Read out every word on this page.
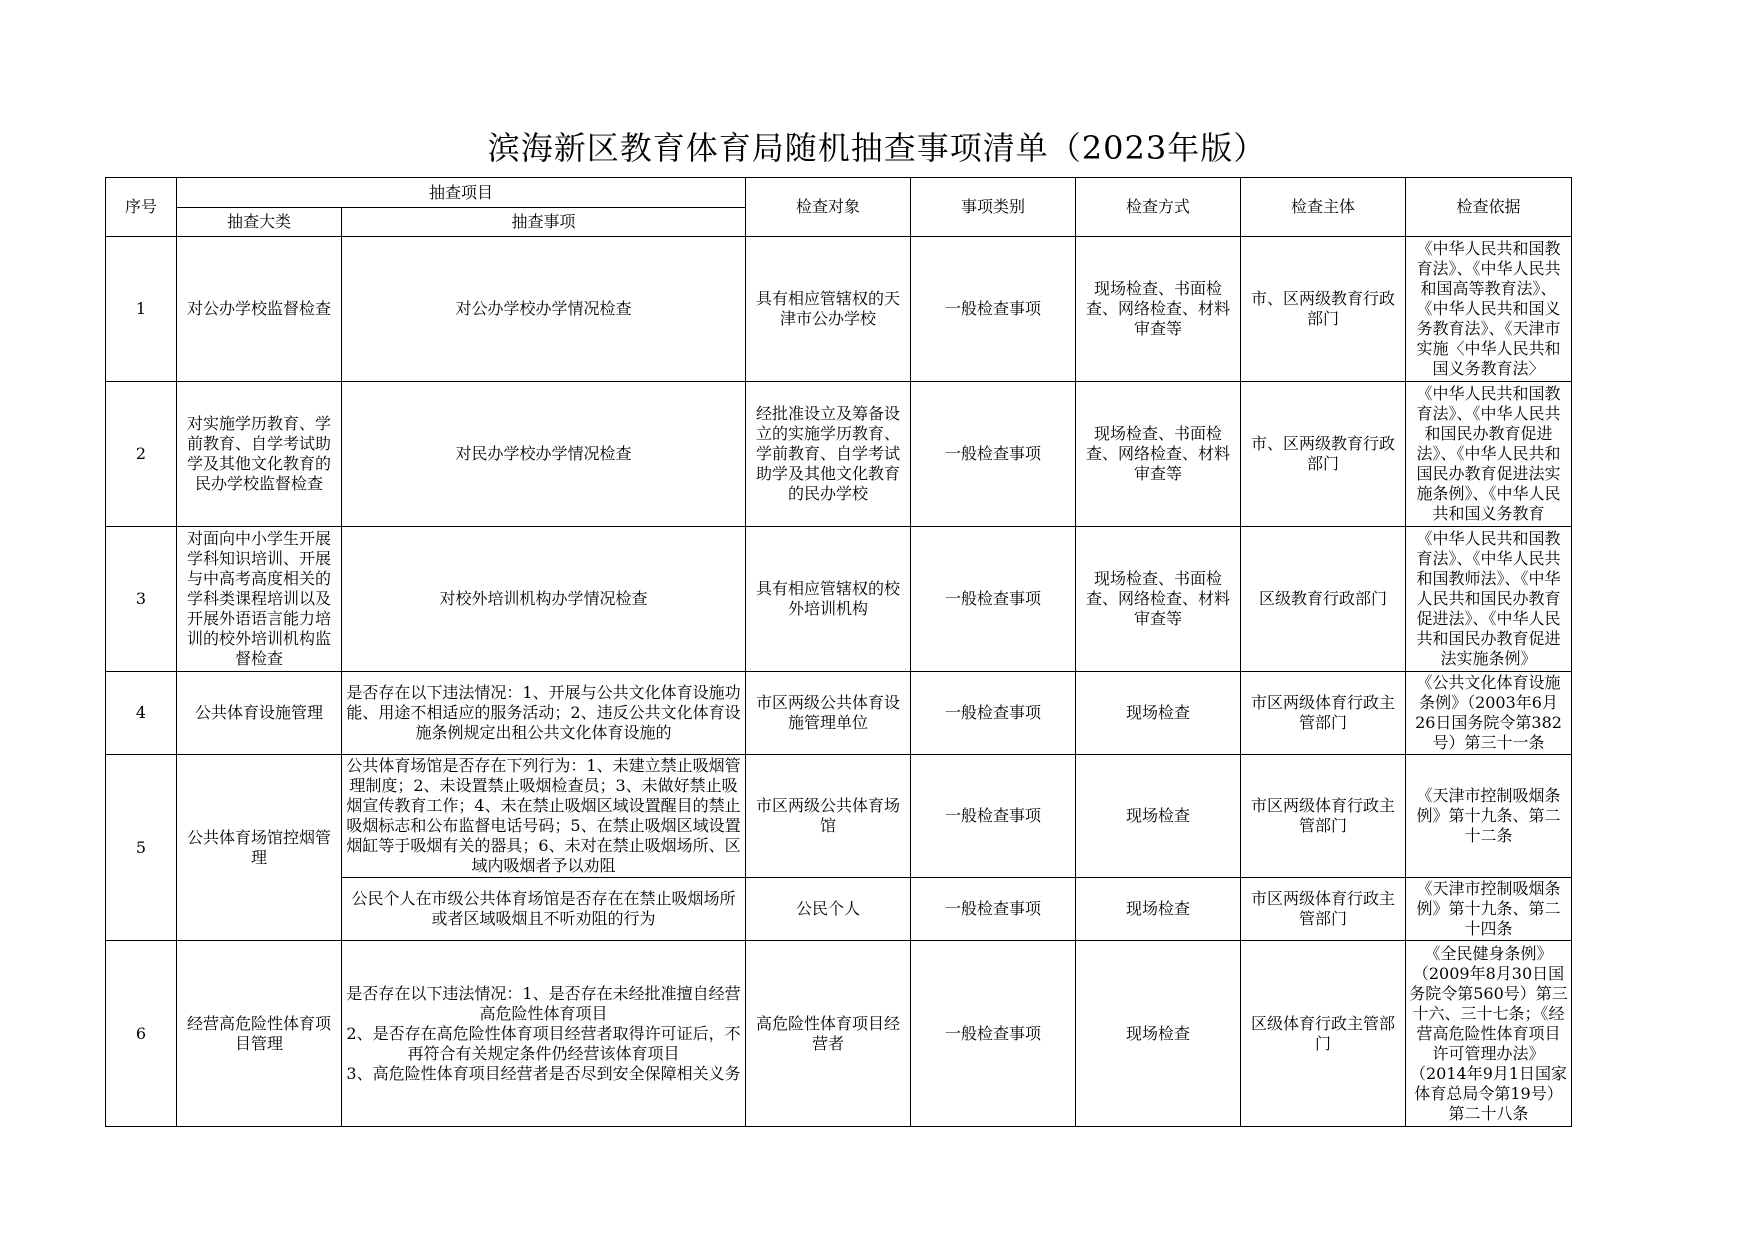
滨海新区教育体育局随机抽查事项清单（2023年版）
序号	抽查项目		检查对象	事项类别	检查方式	检查主体	检查依据
	抽查大类	抽查事项					
1	对公办学校监督检查	对公办学校办学情况检查	具有相应管辖权的天津市公办学校	一般检查事项	现场检查、书面检查、网络检查、材料审查等	市、区两级教育行政部门	《中华人民共和国教育法》、《中华人民共和国高等教育法》、《中华人民共和国义务教育法》、《天津市实施〈中华人民共和国义务教育法〉

2	对实施学历教育、学前教育、自学考试助学及其他文化教育的民办学校监督检查	对民办学校办学情况检查	经批准设立及筹备设立的实施学历教育、学前教育、自学考试助学及其他文化教育的民办学校	一般检查事项	现场检查、书面检查、网络检查、材料审查等	市、区两级教育行政部门	《中华人民共和国教育法》、《中华人民共和国民办教育促进法》、《中华人民共和国民办教育促进法实施条例》、《中华人民共和国义务教育

3	对面向中小学生开展学科知识培训、开展与中高考高度相关的学科类课程培训以及开展外语语言能力培训的校外培训机构监督检查	对校外培训机构办学情况检查	具有相应管辖权的校外培训机构	一般检查事项	现场检查、书面检查、网络检查、材料审查等	区级教育行政部门	《中华人民共和国教育法》、《中华人民共和国教师法》、《中华人民共和国民办教育促进法》、《中华人民共和国民办教育促进法实施条例》

4	公共体育设施管理	是否存在以下违法情况：1、开展与公共文化体育设施功能、用途不相适应的服务活动；2、违反公共文化体育设施条例规定出租公共文化体育设施的	市区两级公共体育设施管理单位	一般检查事项	现场检查	市区两级体育行政主管部门	《公共文化体育设施条例》（2003年6月26日国务院令第382号）第三十一条

5	公共体育场馆控烟管理	公共体育场馆是否存在下列行为：1、未建立禁止吸烟管理制度；2、未设置禁止吸烟检查员；3、未做好禁止吸烟宣传教育工作；4、未在禁止吸烟区域设置醒目的禁止吸烟标志和公布监督电话号码；5、在禁止吸烟区域设置烟缸等于吸烟有关的器具；6、未对在禁止吸烟场所、区域内吸烟者予以劝阻	市区两级公共体育场馆	一般检查事项	现场检查	市区两级体育行政主管部门	《天津市控制吸烟条例》第十九条、第二十二条
		公民个人在市级公共体育场馆是否存在在禁止吸烟场所或者区域吸烟且不听劝阻的行为	公民个人	一般检查事项	现场检查	市区两级体育行政主管部门	《天津市控制吸烟条例》第十九条、第二十四条

6	经营高危险性体育项目管理	是否存在以下违法情况：1、是否存在未经批准擅自经营高危险性体育项目
2、是否存在高危险性体育项目经营者取得许可证后，不再符合有关规定条件仍经营该体育项目
3、高危险性体育项目经营者是否尽到安全保障相关义务	高危险性体育项目经营者	一般检查事项	现场检查	区级体育行政主管部门	《全民健身条例》（2009年8月30日国务院令第560号）第三十六、三十七条；《经营高危险性体育项目许可管理办法》（2014年9月1日国家体育总局令第19号）第二十八条
